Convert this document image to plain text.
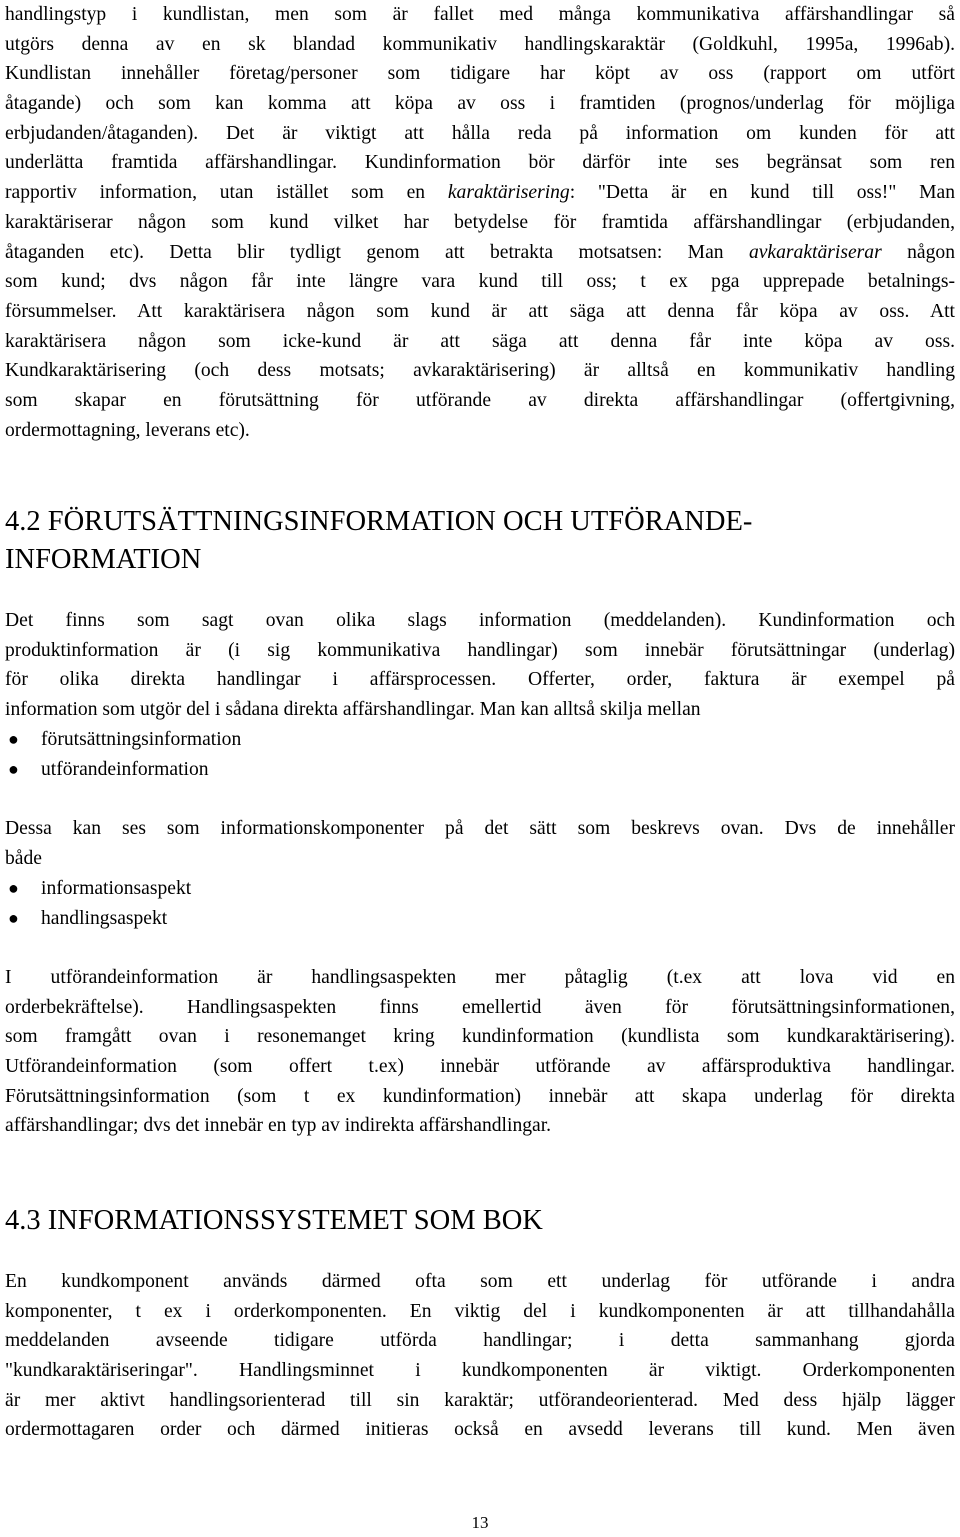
handlingstyp i kundlistan, men som är fallet med många kommunikativa affärshandlingar så
utgörs denna av en sk blandad kommunikativ handlingskaraktär (Goldkuhl, 1995a, 1996ab).
Kundlistan innehåller företag/personer som tidigare har köpt av oss (rapport om utfört
åtagande) och som kan komma att köpa av oss i framtiden (prognos/underlag för möjliga
erbjudanden/åtaganden). Det är viktigt att hålla reda på information om kunden för att
underlätta framtida affärshandlingar. Kundinformation bör därför inte ses begränsat som ren
rapportiv information, utan istället som en karaktärisering: "Detta är en kund till oss!" Man
karaktäriserar någon som kund vilket har betydelse för framtida affärshandlingar (erbjudanden,
åtaganden etc). Detta blir tydligt genom att betrakta motsatsen: Man avkaraktäriserar någon
som kund; dvs någon får inte längre vara kund till oss; t ex pga upprepade betalnings-
försummelser. Att karaktärisera någon som kund är att säga att denna får köpa av oss. Att
karaktärisera någon som icke-kund är att säga att denna får inte köpa av oss.
Kundkaraktärisering (och dess motsats; avkaraktärisering) är alltså en kommunikativ handling
som skapar en förutsättning för utförande av direkta affärshandlingar (offertgivning,
ordermottagning, leverans etc).
4.2 FÖRUTSÄTTNINGSINFORMATION OCH UTFÖRANDE-
INFORMATION
Det finns som sagt ovan olika slags information (meddelanden). Kundinformation och
produktinformation är (i sig kommunikativa handlingar) som innebär förutsättningar (underlag)
för olika direkta handlingar i affärsprocessen. Offerter, order, faktura är exempel på
information som utgör del i sådana direkta affärshandlingar. Man kan alltså skilja mellan
● förutsättningsinformation
● utförandeinformation
Dessa kan ses som informationskomponenter på det sätt som beskrevs ovan. Dvs de innehåller
både
● informationsaspekt
● handlingsaspekt
I utförandeinformation är handlingsaspekten mer påtaglig (t.ex att lova vid en
orderbekräftelse). Handlingsaspekten finns emellertid även för förutsättningsinformationen,
som framgått ovan i resonemanget kring kundinformation (kundlista som kundkaraktärisering).
Utförandeinformation (som offert t.ex) innebär utförande av affärsproduktiva handlingar.
Förutsättningsinformation (som t ex kundinformation) innebär att skapa underlag för direkta
affärshandlingar; dvs det innebär en typ av indirekta affärshandlingar.
4.3 INFORMATIONSSYSTEMET SOM BOK
En kundkomponent används därmed ofta som ett underlag för utförande i andra
komponenter, t ex i orderkomponenten. En viktig del i kundkomponenten är att tillhandahålla
meddelanden avseende tidigare utförda handlingar; i detta sammanhang gjorda
"kundkaraktäriseringar". Handlingsminnet i kundkomponenten är viktigt. Orderkomponenten
är mer aktivt handlingsorienterad till sin karaktär; utförandeorienterad. Med dess hjälp lägger
ordermottagaren order och därmed initieras också en avsedd leverans till kund. Men även
13
